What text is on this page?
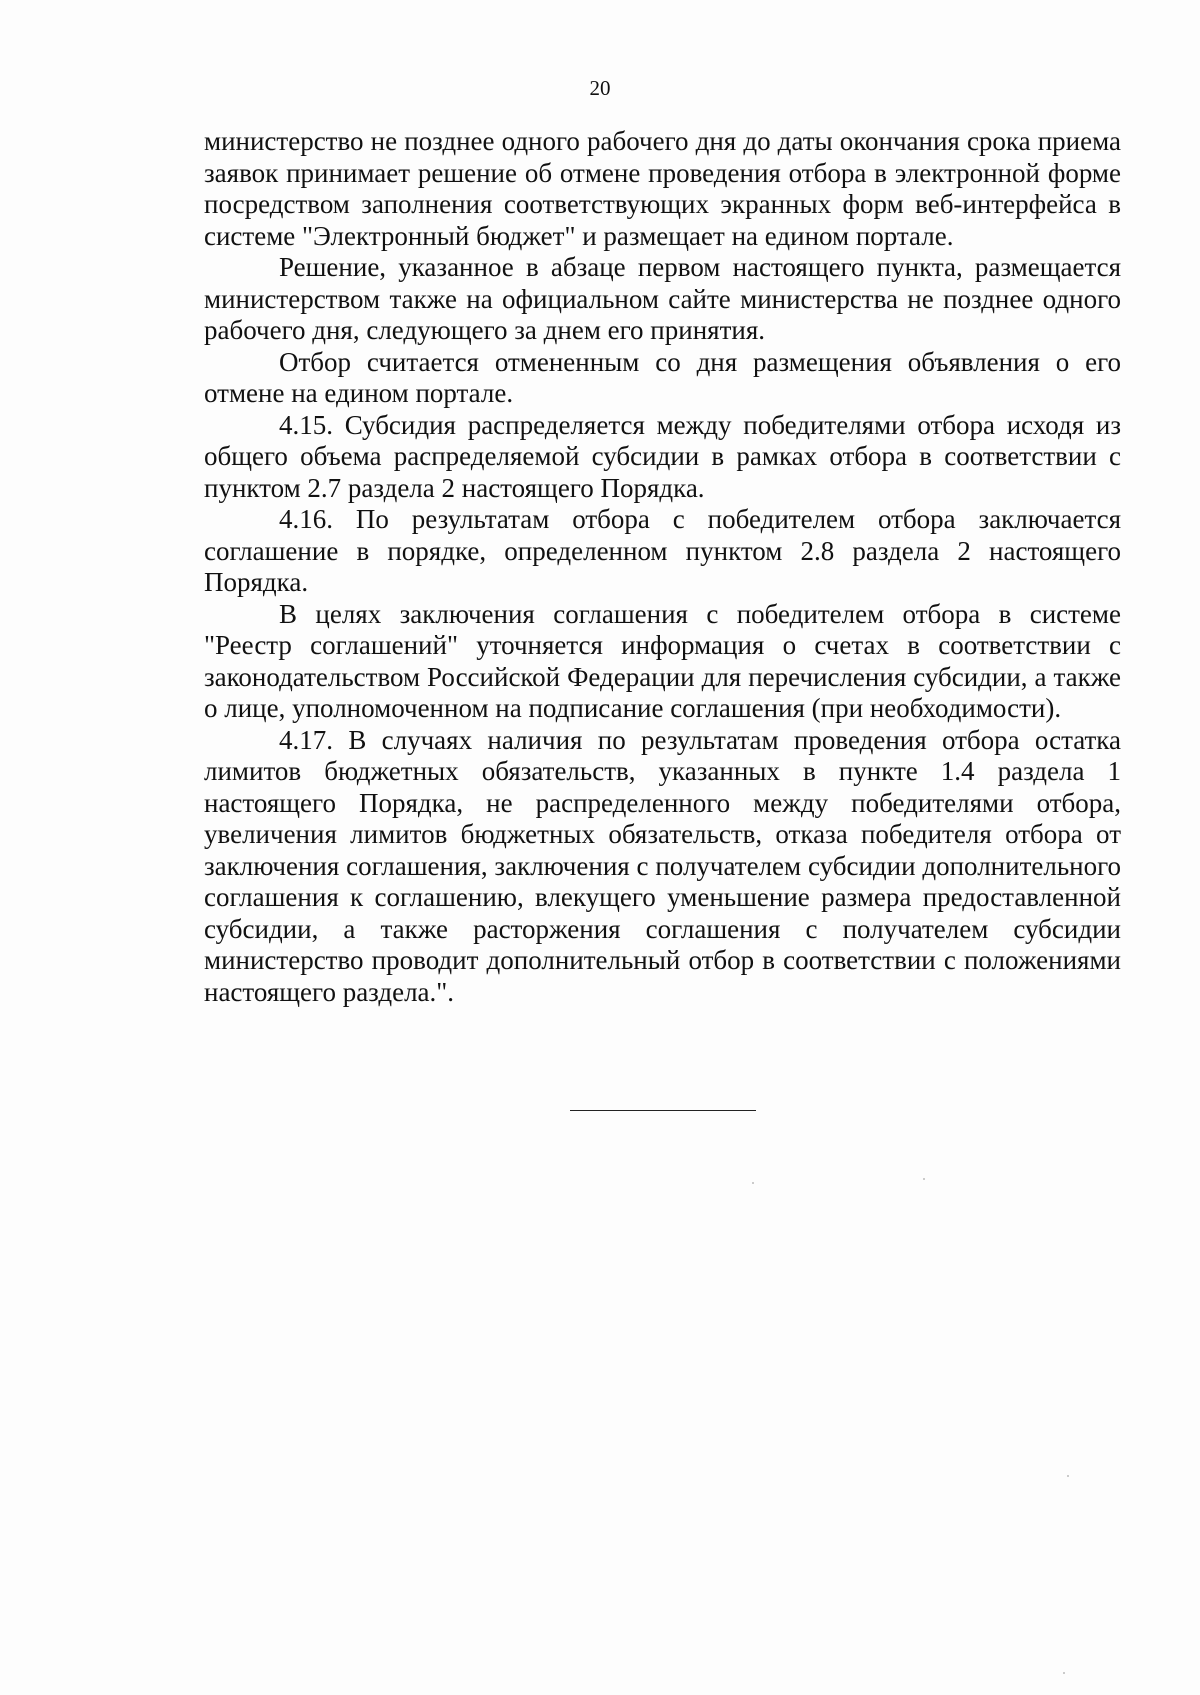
20

министерство не позднее одного рабочего дня до даты окончания срока приема заявок принимает решение об отмене проведения отбора в электронной форме посредством заполнения соответствующих экранных форм веб-интерфейса в системе "Электронный бюджет" и размещает на едином портале.

Решение, указанное в абзаце первом настоящего пункта, размещается министерством также на официальном сайте министерства не позднее одного рабочего дня, следующего за днем его принятия.

Отбор считается отмененным со дня размещения объявления о его отмене на едином портале.

4.15. Субсидия распределяется между победителями отбора исходя из общего объема распределяемой субсидии в рамках отбора в соответствии с пунктом 2.7 раздела 2 настоящего Порядка.

4.16. По результатам отбора с победителем отбора заключается соглашение в порядке, определенном пунктом 2.8 раздела 2 настоящего Порядка.

В целях заключения соглашения с победителем отбора в системе "Реестр соглашений" уточняется информация о счетах в соответствии с законодательством Российской Федерации для перечисления субсидии, а также о лице, уполномоченном на подписание соглашения (при необходимости).

4.17. В случаях наличия по результатам проведения отбора остатка лимитов бюджетных обязательств, указанных в пункте 1.4 раздела 1 настоящего Порядка, не распределенного между победителями отбора, увеличения лимитов бюджетных обязательств, отказа победителя отбора от заключения соглашения, заключения с получателем субсидии дополнительного соглашения к соглашению, влекущего уменьшение размера предоставленной субсидии, а также расторжения соглашения с получателем субсидии министерство проводит дополнительный отбор в соответствии с положениями настоящего раздела.".
